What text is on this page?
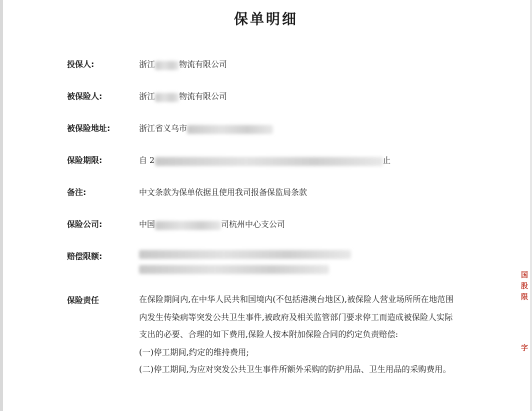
保单明细
投保人:	浙江	物流有限公司
被保险人:	浙江	物流有限公司
被保险地址:	浙江省义乌市
保险期限:	自 2	止
备注:	中文条款为保单依据且使用我司报备保监局条款
保险公司:	中国	司杭州中心支公司
赔偿限额:
保险责任	在保险期间内,在中华人民共和国境内(不包括港澳台地区),被保险人营业场所所在地范围内发生传染病等突发公共卫生事件,被政府及相关监管部门要求停工而造成被保险人实际支出的必要、合理的如下费用,保险人按本附加保险合同的约定负责赔偿:

(一)停工期间,约定的维持费用;

(二)停工期间,为应对突发公共卫生事件所额外采购的防护用品、卫生用品的采购费用。

国
股
限
字
